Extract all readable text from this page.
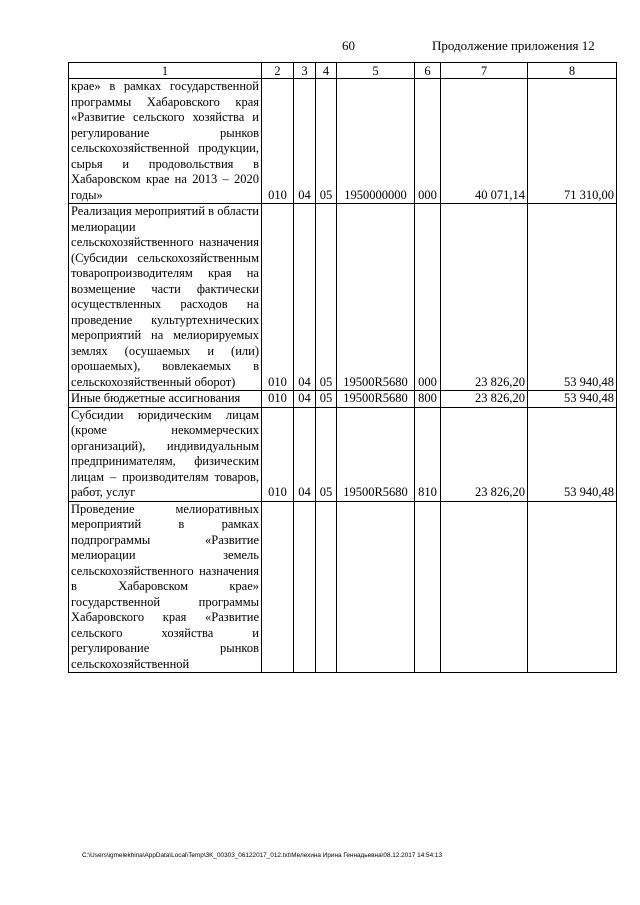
60	Продолжение приложения 12
1	2	3	4	5	6	7	8
крае» в рамках государственной программы Хабаровского края «Развитие сельского хозяйства и регулирование рынков сельскохозяйственной продукции, сырья и продовольствия в Хабаровском крае на 2013 – 2020 годы»	010	04	05	1950000000	000	40 071,14	71 310,00
Реализация мероприятий в области мелиорации сельскохозяйственного назначения (Субсидии сельскохозяйственным товаропроизводителям края на возмещение части фактически осуществленных расходов на проведение культуртехнических мероприятий на мелиорируемых землях (осушаемых и (или) орошаемых), вовлекаемых в сельскохозяйственный оборот)	010	04	05	19500R5680	000	23 826,20	53 940,48
Иные бюджетные ассигнования	010	04	05	19500R5680	800	23 826,20	53 940,48
Субсидии юридическим лицам (кроме некоммерческих организаций), индивидуальным предпринимателям, физическим лицам – производителям товаров, работ, услуг	010	04	05	19500R5680	810	23 826,20	53 940,48
Проведение мелиоративных мероприятий в рамках подпрограммы «Развитие мелиорации земель сельскохозяйственного назначения в Хабаровском крае» государственной программы Хабаровского края «Развитие сельского хозяйства и регулирование рынков сельскохозяйственной							
C:\Users\igmelekhina\AppData\Local\Temp\3K_00303_06122017_012.txt\Мелехина Ирина Геннадьевна\08.12.2017 14:54:13
